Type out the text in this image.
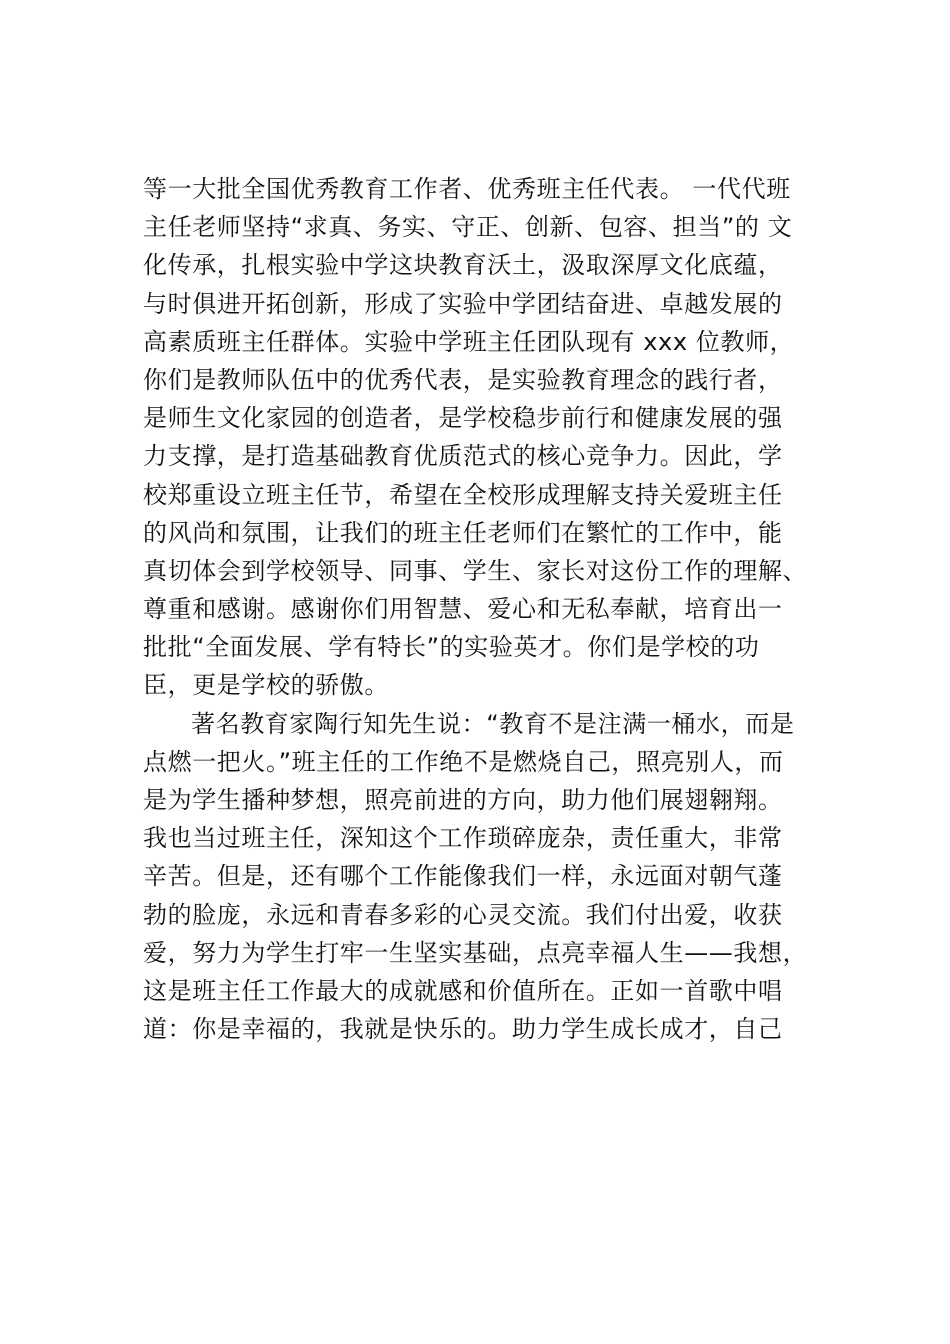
等一大批全国优秀教育工作者、优秀班主任代表。 一代代班
主任老师坚持“求真、务实、守正、创新、包容、担当”的 文
化传承，扎根实验中学这块教育沃土，汲取深厚文化底蕴，
与时俱进开拓创新，形成了实验中学团结奋进、卓越发展的
高素质班主任群体。实验中学班主任团队现有 xxx 位教师，
你们是教师队伍中的优秀代表，是实验教育理念的践行者，
是师生文化家园的创造者，是学校稳步前行和健康发展的强
力支撑，是打造基础教育优质范式的核心竞争力。因此，学
校郑重设立班主任节，希望在全校形成理解支持关爱班主任
的风尚和氛围，让我们的班主任老师们在繁忙的工作中，能
真切体会到学校领导、同事、学生、家长对这份工作的理解、
尊重和感谢。感谢你们用智慧、爱心和无私奉献，培育出一
批批“全面发展、学有特长”的实验英才。你们是学校的功
臣，更是学校的骄傲。
著名教育家陶行知先生说：“教育不是注满一桶水，而是
点燃一把火。”班主任的工作绝不是燃烧自己，照亮别人，而
是为学生播种梦想，照亮前进的方向，助力他们展翅翱翔。
我也当过班主任，深知这个工作琐碎庞杂，责任重大，非常
辛苦。但是，还有哪个工作能像我们一样，永远面对朝气蓬
勃的脸庞，永远和青春多彩的心灵交流。我们付出爱，收获
爱，努力为学生打牢一生坚实基础，点亮幸福人生——我想，
这是班主任工作最大的成就感和价值所在。正如一首歌中唱
道：你是幸福的，我就是快乐的。助力学生成长成才，自己
